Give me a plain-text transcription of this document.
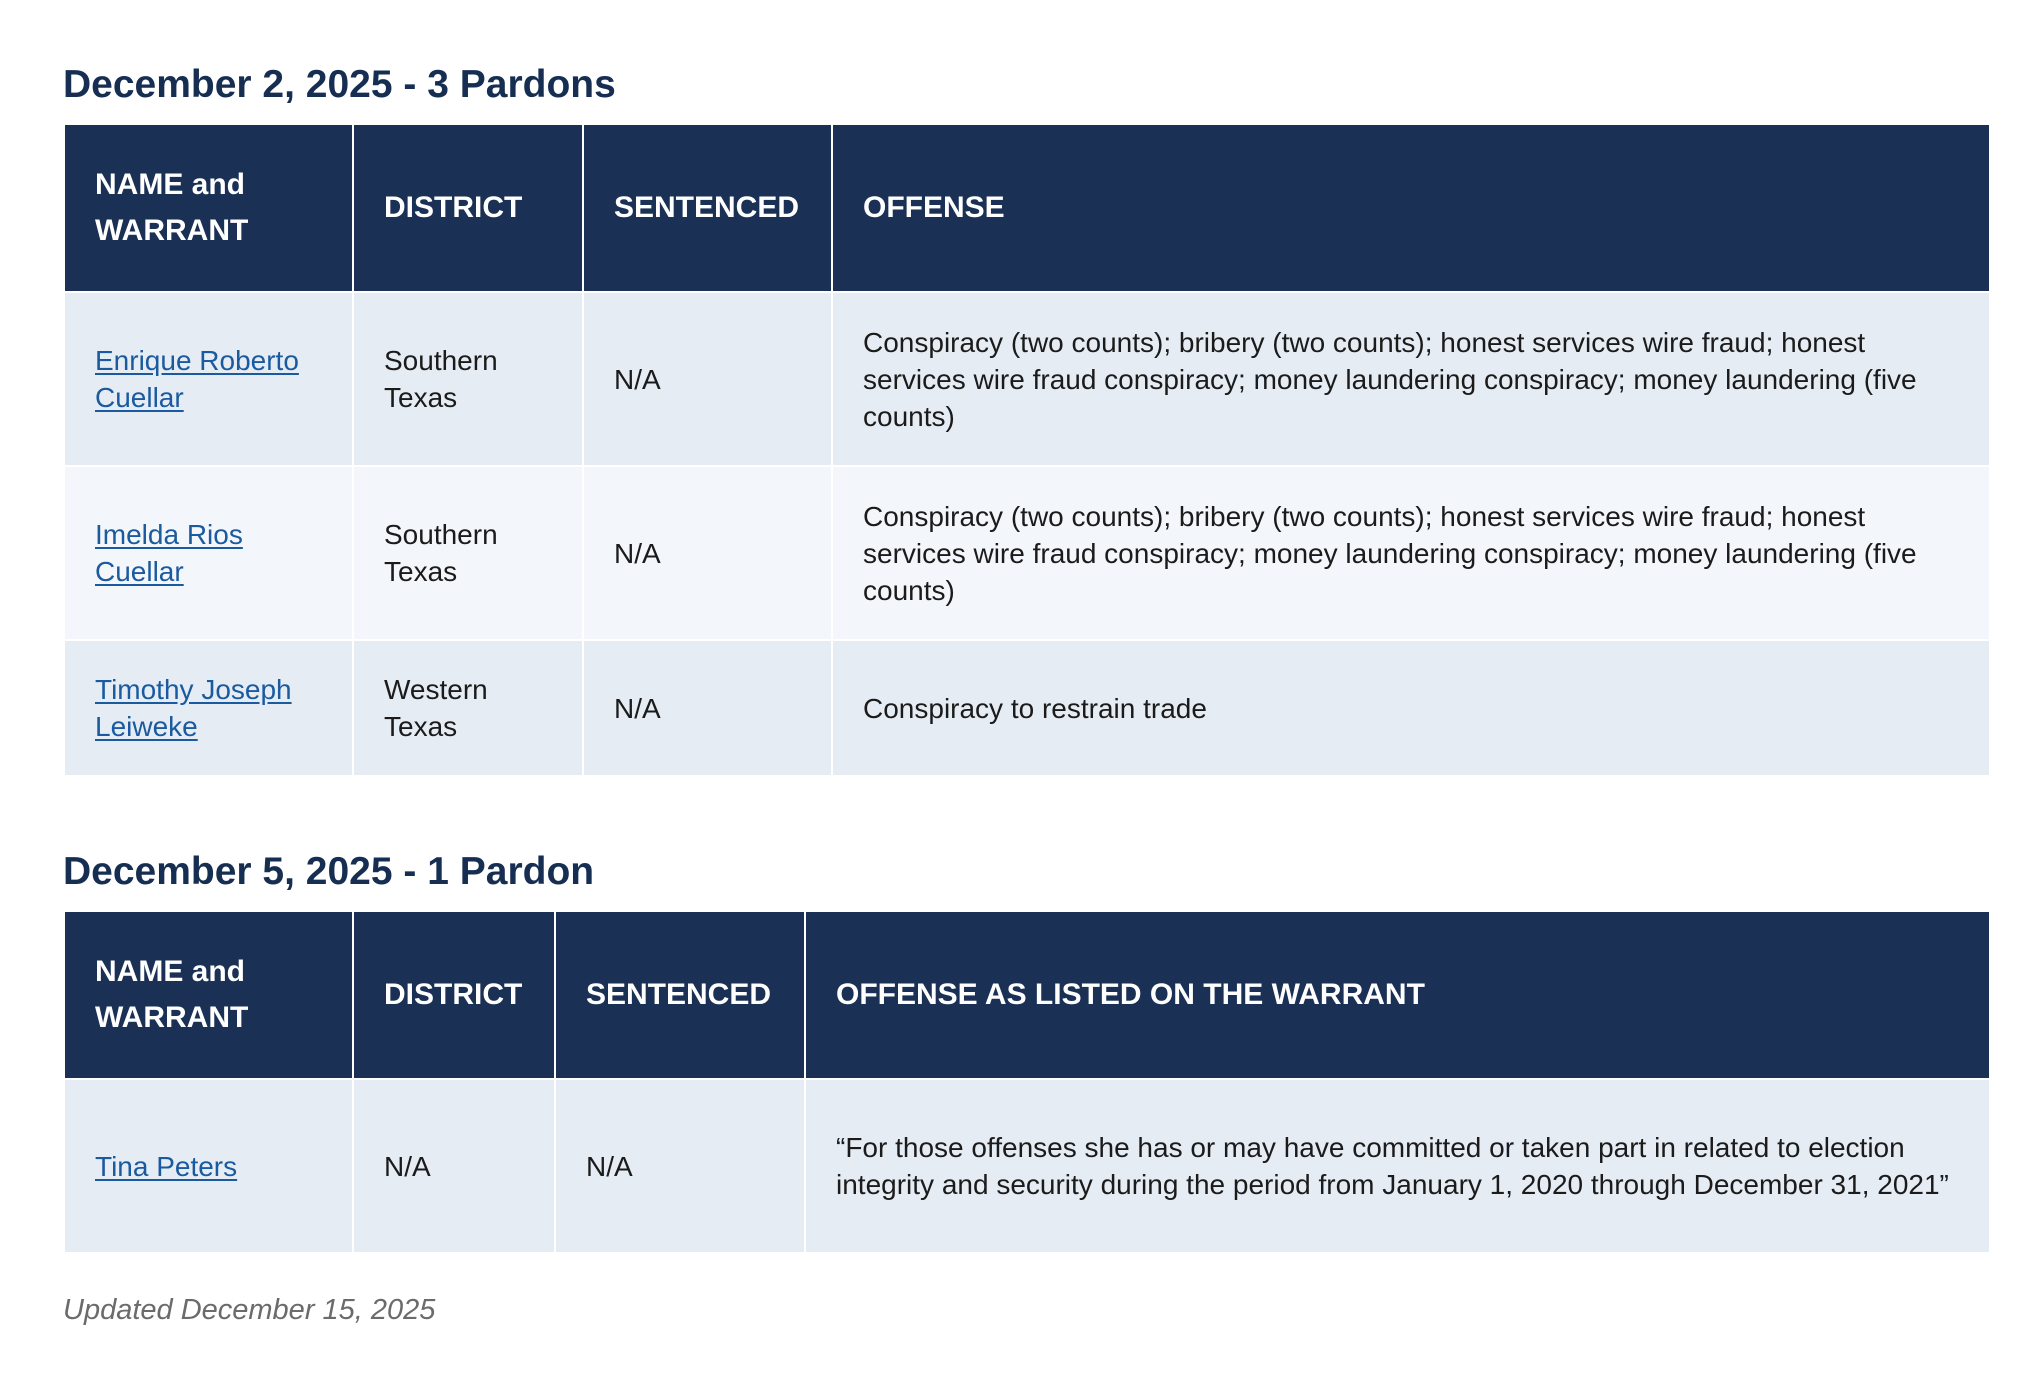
December 2, 2025 - 3 Pardons
NAME and WARRANT	DISTRICT	SENTENCED	OFFENSE
Enrique Roberto Cuellar	Southern Texas	N/A	Conspiracy (two counts); bribery (two counts); honest services wire fraud; honest services wire fraud conspiracy; money laundering conspiracy; money laundering (five counts)
Imelda Rios Cuellar	Southern Texas	N/A	Conspiracy (two counts); bribery (two counts); honest services wire fraud; honest services wire fraud conspiracy; money laundering conspiracy; money laundering (five counts)
Timothy Joseph Leiweke	Western Texas	N/A	Conspiracy to restrain trade
December 5, 2025 - 1 Pardon
NAME and WARRANT	DISTRICT	SENTENCED	OFFENSE AS LISTED ON THE WARRANT
Tina Peters	N/A	N/A	“For those offenses she has or may have committed or taken part in related to election integrity and security during the period from January 1, 2020 through December 31, 2021”
Updated December 15, 2025
